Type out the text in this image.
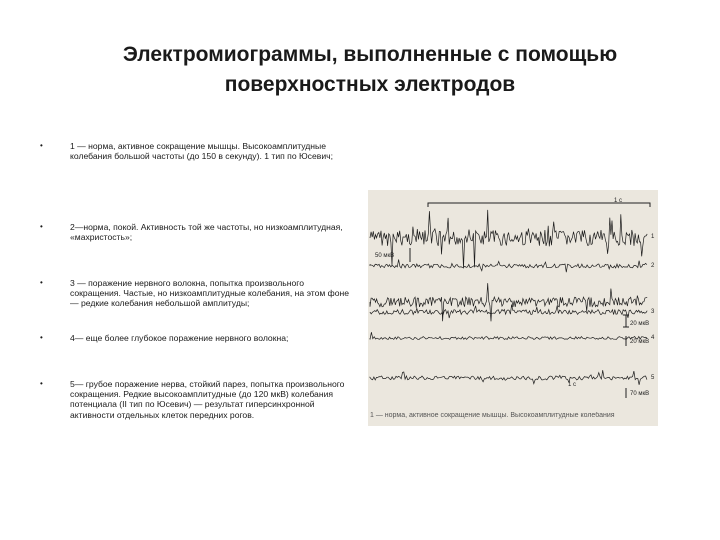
Электромиограммы, выполненные с помощью
поверхностных электродов
•	1 — норма, активное сокращение мышцы. Высокоамплитудные колебания большой частоты (до 150 в секунду). 1 тип по Юсевич;
•	2—норма, покой. Активность той же частоты, но низкоамплитудная, «махристость»;
•	3 — поражение нервного волокна, попытка произвольного сокращения. Частые, но низкоамплитудные колебания, на этом фоне — редкие колебания небольшой амплитуды;
•	4— еще более глубокое поражение нервного волокна;
•	5— грубое поражение нерва, стойкий парез, попытка произвольного сокращения. Редкие высокоамплитудные (до 120 мкВ) колебания потенциала (II тип по Юсевич) — результат гиперсинхронной активности отдельных клеток передних рогов.
1 с
50 мкВ
20 мкВ
20 мкВ
70 мкВ
1 с
1
2
3
4
5
1 — норма, активное сокращение мышцы. Высокоамплитудные колебания
